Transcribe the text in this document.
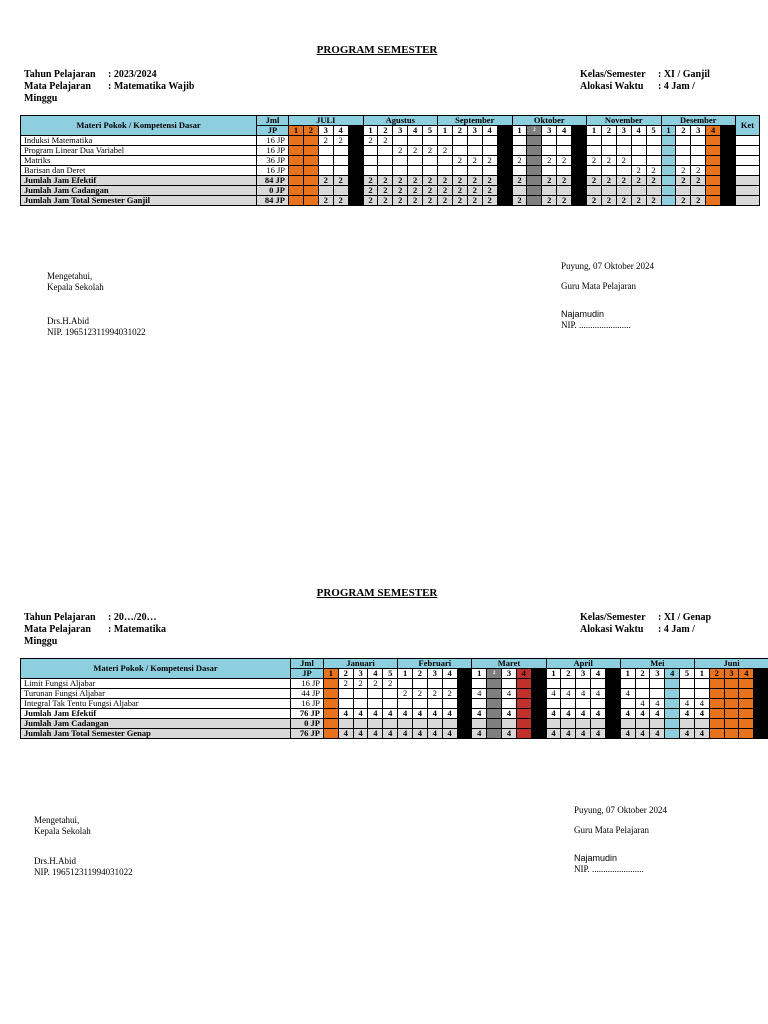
PROGRAM SEMESTER
Tahun Pelajaran : 2023/2024
Mata Pelajaran : Matematika Wajib
Minggu
Kelas/Semester : XI / Ganjil
Alokasi Waktu : 4 Jam /
Materi Pokok / Kompetensi Dasar	Jml	JULI					Agustus					September					Oktober					November					Desember					Ket
	JP	1	2	3	4		1	2	3	4	5	1	2	3	4		1	2	3	4		1	2	3	4	5	1	2	3	4		
Induksi Matematika	16 JP			2	2		2	2																								
Program Linear Dua Variabel	16 JP								2	2	2	2																				
Matriks	36 JP												2	2	2		2		2	2		2	2	2								
Barisan dan Deret	16 JP																								2	2		2	2			
Jumlah Jam Efektif	84 JP			2	2		2	2	2	2	2	2	2	2	2		2		2	2		2	2	2	2	2		2	2			
Jumlah Jam Cadangan	0 JP						2	2	2	2	2	2	2	2	2																	
Jumlah Jam Total Semester Ganjil	84 JP			2	2		2	2	2	2	2	2	2	2	2		2		2	2		2	2	2	2	2		2	2			
Mengetahui,
Kepala Sekolah
Drs.H.Abid
NIP. 196512311994031022
Puyung, 07 Oktober 2024
Guru Mata Pelajaran
Najamudin
NIP. .......................
PROGRAM SEMESTER
Tahun Pelajaran : 20…/20…
Mata Pelajaran : Matematika
Minggu
Kelas/Semester : XI / Genap
Alokasi Waktu : 4 Jam /
Materi Pokok / Kompetensi Dasar	Jml	Januari					Februari					Maret					April					Mei					Juni				
	JP	1	2	3	4	5	1	2	3	4		1	2	3	4		1	2	3	4		1	2	3	4	5	1	2	3	4	
Limit Fungsi Aljabar	16 JP		2	2	2	2																									
Turunan Fungsi Aljabar	44 JP						2	2	2	2		4		4			4	4	4	4		4									
Integral Tak Tentu Fungsi Aljabar	16 JP																						4	4		4	4				
Jumlah Jam Efektif	76 JP		4	4	4	4	4	4	4	4		4		4			4	4	4	4		4	4	4		4	4				
Jumlah Jam Cadangan	0 JP																														
Jumlah Jam Total Semester Genap	76 JP		4	4	4	4	4	4	4	4		4		4			4	4	4	4		4	4	4		4	4				
Mengetahui,
Kepala Sekolah
Drs.H.Abid
NIP. 196512311994031022
Puyung, 07 Oktober 2024
Guru Mata Pelajaran
Najamudin
NIP. .......................
